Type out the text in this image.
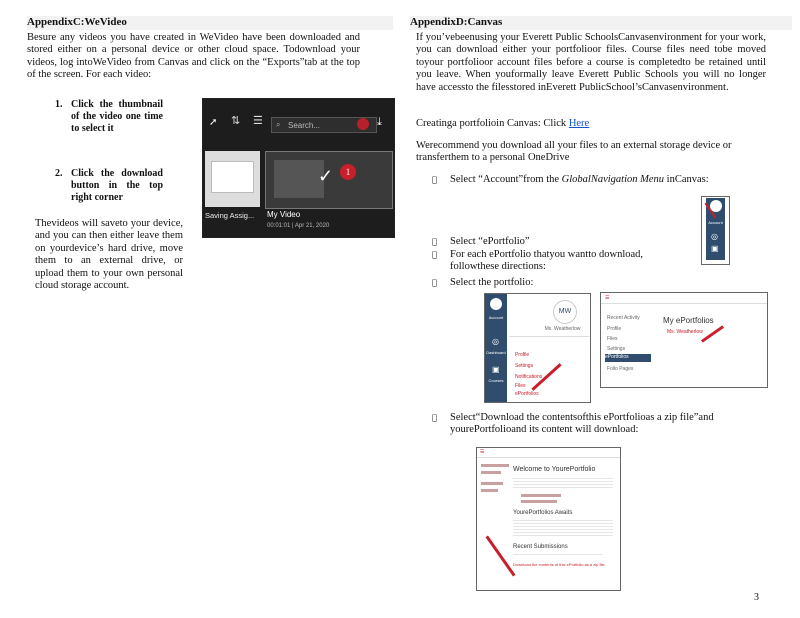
AppendixC:WeVideo
Besure any videos you have created in WeVideo have been downloaded and stored either on a personal device or other cloud space. Todownload your videos, log intoWeVideo from Canvas and click on the “Exports”tab at the top of the screen. For each video:
1. Click the thumbnail of the video one time to select it
2. Click the download button in the top right corner
Thevideos will saveto your device, and you can then either leave them on yourdevice’s hard drive, move them to an external drive, or upload them to your own personal cloud storage account.
➚	⇅ ☰ ⌕ Search...	⤓
Saving Assig...
✓	1
My Video
00:01:01 | Apr 21, 2020
AppendixD:Canvas
If you’vebeenusing your Everett Public SchoolsCanvasenvironment for your work, you can download either your portfolioor files. Course files need tobe moved toyour portfolioor account files before a course is completedto be retained until you leave. When youformally leave Everett Public Schools you will no longer have accessto the filesstored inEverett PublicSchool’sCanvasenvironment.
Creatinga portfolioin Canvas: Click Here
Werecommend you download all your files to an external storage device or transferthem to a personal OneDrive
Select “Account”from the GlobalNavigation Menu inCanvas:
Account
◎
▣
Select “ePortfolio”
For each ePortfolio thatyou wantto download, followthese directions:
Select the portfolio:
Account
◎
Dashboard
▣
Courses
MW
Ms. Weatherlow
Profile
Settings
Notifications
Files
ePortfolios
☰
Recent Activity
Profile
Files
Settings
ePortfolios
Folio Pages
My ePortfolios
Ms. Weatherlow
Select“Download the contentsofthis ePortfolioas a zip file”and yourePortfolioand its content will download:
☰
Welcome to YourePortfolio
YourePortfolios Awaits
Recent Submissions
Download the contents of this ePortfolio as a zip file
3
